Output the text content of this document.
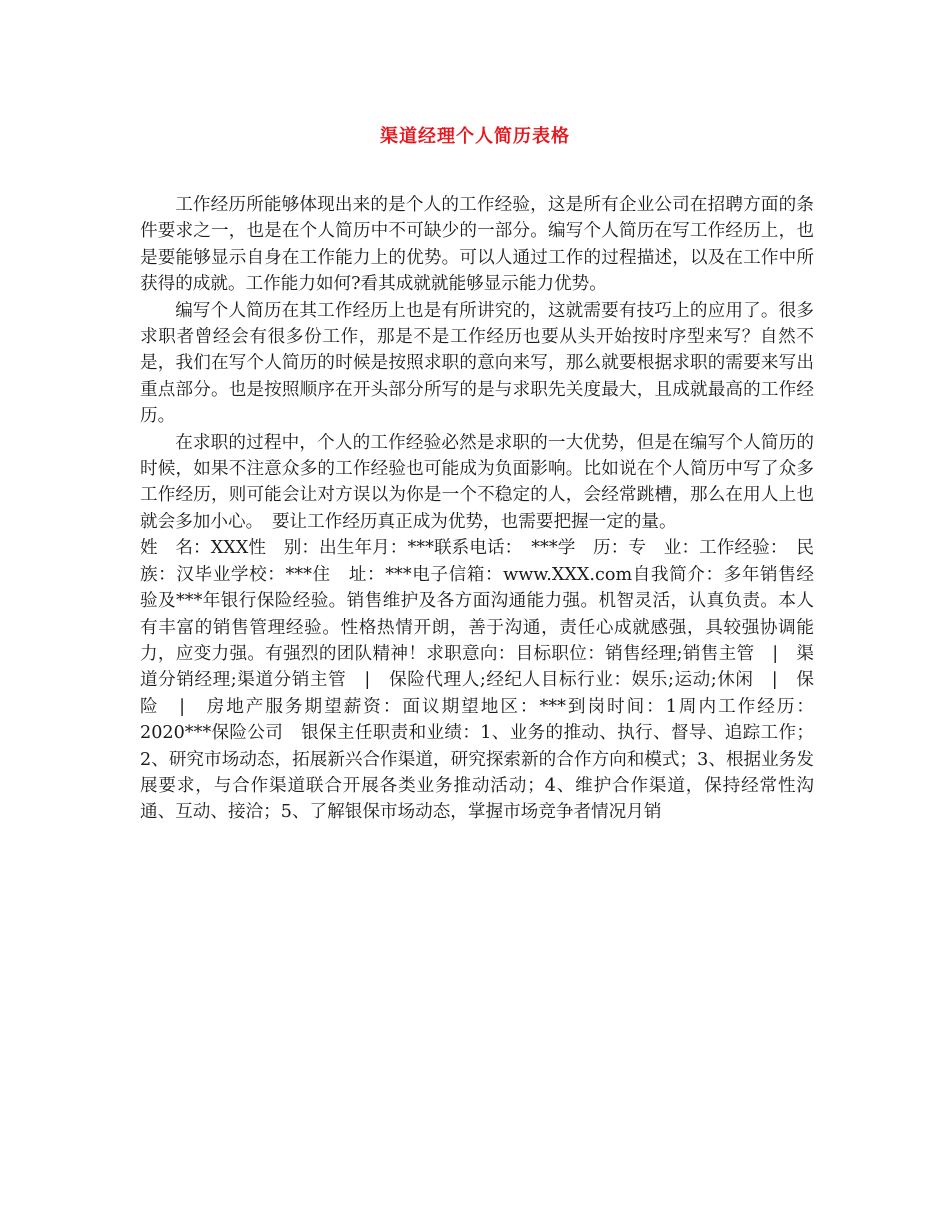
渠道经理个人简历表格

工作经历所能够体现出来的是个人的工作经验，这是所有企业公司在招聘方面的条件要求之一，也是在个人简历中不可缺少的一部分。编写个人简历在写工作经历上，也是要能够显示自身在工作能力上的优势。可以人通过工作的过程描述，以及在工作中所获得的成就。工作能力如何?看其成就就能够显示能力优势。

编写个人简历在其工作经历上也是有所讲究的，这就需要有技巧上的应用了。很多求职者曾经会有很多份工作，那是不是工作经历也要从头开始按时序型来写？自然不是，我们在写个人简历的时候是按照求职的意向来写，那么就要根据求职的需要来写出重点部分。也是按照顺序在开头部分所写的是与求职先关度最大，且成就最高的工作经历。

在求职的过程中，个人的工作经验必然是求职的一大优势，但是在编写个人简历的时候，如果不注意众多的工作经验也可能成为负面影响。比如说在个人简历中写了众多工作经历，则可能会让对方误以为你是一个不稳定的人，会经常跳槽，那么在用人上也就会多加小心。　要让工作经历真正成为优势，也需要把握一定的量。

姓　名：XXX性　别：出生年月：***联系电话：　***学　历：专　业：工作经验：　民族：汉毕业学校：***住　址：***电子信箱：www.XXX.com自我简介：多年销售经验及***年银行保险经验。销售维护及各方面沟通能力强。机智灵活，认真负责。本人有丰富的销售管理经验。性格热情开朗，善于沟通，责任心成就感强，具较强协调能力，应变力强。有强烈的团队精神！求职意向：目标职位：销售经理;销售主管　|　渠道分销经理;渠道分销主管　|　保险代理人;经纪人目标行业：娱乐;运动;休闲　|　保险　|　房地产服务期望薪资：面议期望地区：***到岗时间：1周内工作经历：2020***保险公司　银保主任职责和业绩：1、业务的推动、执行、督导、追踪工作；2、研究市场动态，拓展新兴合作渠道，研究探索新的合作方向和模式；3、根据业务发展要求，与合作渠道联合开展各类业务推动活动；4、维护合作渠道，保持经常性沟通、互动、接洽；5、了解银保市场动态，掌握市场竞争者情况月销
